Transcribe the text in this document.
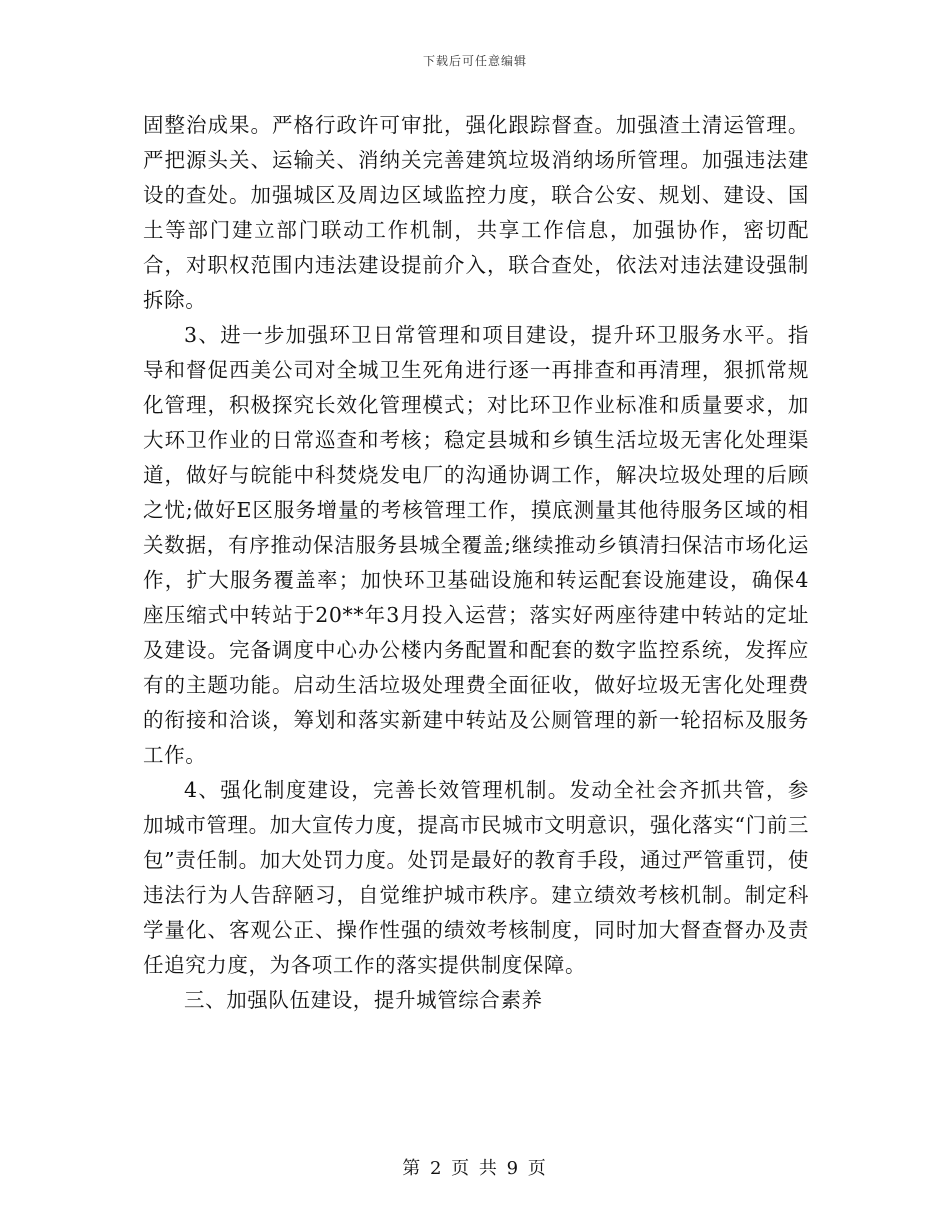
下载后可任意编辑

固整治成果。严格行政许可审批，强化跟踪督查。加强渣土清运管理。严把源头关、运输关、消纳关完善建筑垃圾消纳场所管理。加强违法建设的查处。加强城区及周边区域监控力度，联合公安、规划、建设、国土等部门建立部门联动工作机制，共享工作信息，加强协作，密切配合，对职权范围内违法建设提前介入，联合查处，依法对违法建设强制拆除。

3、进一步加强环卫日常管理和项目建设，提升环卫服务水平。指导和督促西美公司对全城卫生死角进行逐一再排查和再清理，狠抓常规化管理，积极探究长效化管理模式；对比环卫作业标准和质量要求，加大环卫作业的日常巡查和考核；稳定县城和乡镇生活垃圾无害化处理渠道，做好与皖能中科焚烧发电厂的沟通协调工作，解决垃圾处理的后顾之忧;做好E区服务增量的考核管理工作，摸底测量其他待服务区域的相关数据，有序推动保洁服务县城全覆盖;继续推动乡镇清扫保洁市场化运作，扩大服务覆盖率；加快环卫基础设施和转运配套设施建设，确保4座压缩式中转站于20**年3月投入运营；落实好两座待建中转站的定址及建设。完备调度中心办公楼内务配置和配套的数字监控系统，发挥应有的主题功能。启动生活垃圾处理费全面征收，做好垃圾无害化处理费的衔接和洽谈，筹划和落实新建中转站及公厕管理的新一轮招标及服务工作。

4、强化制度建设，完善长效管理机制。发动全社会齐抓共管，参加城市管理。加大宣传力度，提高市民城市文明意识，强化落实“门前三包”责任制。加大处罚力度。处罚是最好的教育手段，通过严管重罚，使违法行为人告辞陋习，自觉维护城市秩序。建立绩效考核机制。制定科学量化、客观公正、操作性强的绩效考核制度，同时加大督查督办及责任追究力度，为各项工作的落实提供制度保障。

三、加强队伍建设，提升城管综合素养

第 2 页 共 9 页
